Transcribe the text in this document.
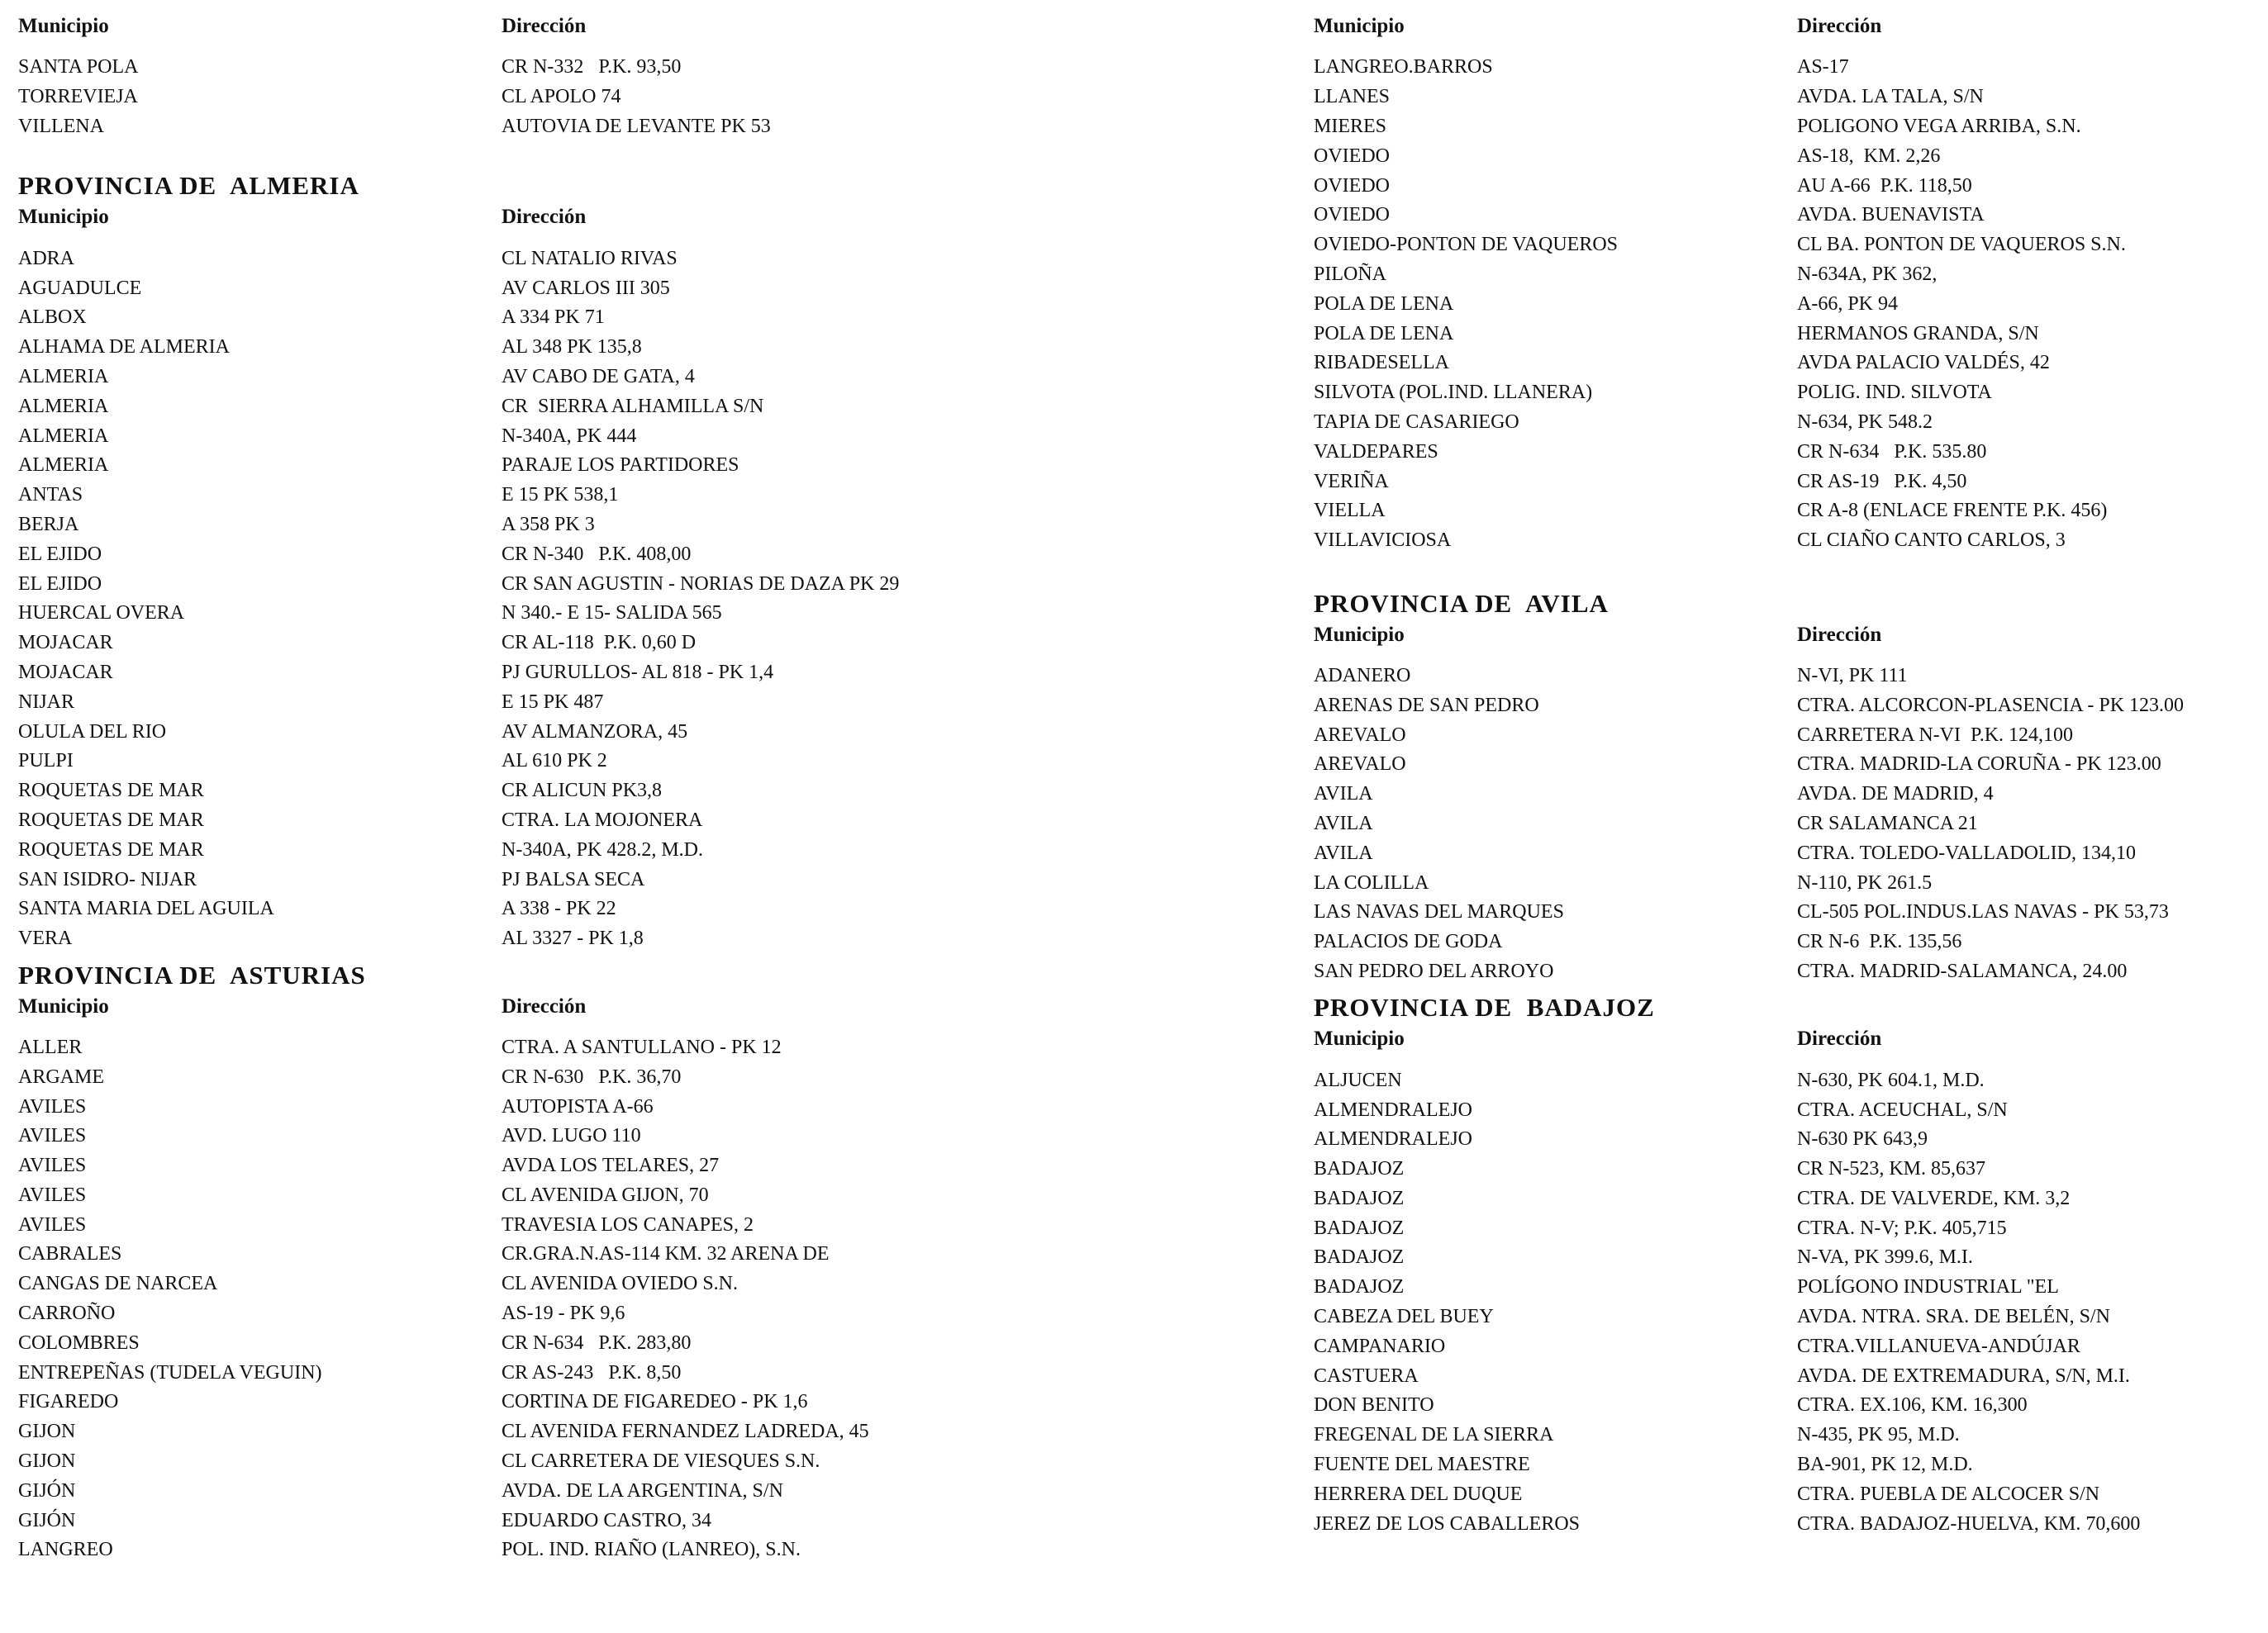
Municipio	Dirección
SANTA POLA	CR N-332   P.K. 93,50
TORREVIEJA	CL APOLO 74
VILLENA	AUTOVIA DE LEVANTE PK 53
PROVINCIA DE  ALMERIA
Municipio	Dirección
ADRA	CL NATALIO RIVAS
AGUADULCE	AV CARLOS III 305
ALBOX	A 334 PK 71
ALHAMA DE ALMERIA	AL 348 PK 135,8
ALMERIA	AV CABO DE GATA, 4
ALMERIA	CR  SIERRA ALHAMILLA S/N
ALMERIA	N-340A, PK 444
ALMERIA	PARAJE LOS PARTIDORES
ANTAS	E 15 PK 538,1
BERJA	A 358 PK 3
EL EJIDO	CR N-340   P.K. 408,00
EL EJIDO	CR SAN AGUSTIN - NORIAS DE DAZA PK 29
HUERCAL OVERA	N 340.- E 15- SALIDA 565
MOJACAR	CR AL-118  P.K. 0,60 D
MOJACAR	PJ GURULLOS- AL 818 - PK 1,4
NIJAR	E 15 PK 487
OLULA DEL RIO	AV ALMANZORA, 45
PULPI	AL 610 PK 2
ROQUETAS DE MAR	CR ALICUN PK3,8
ROQUETAS DE MAR	CTRA. LA MOJONERA
ROQUETAS DE MAR	N-340A, PK 428.2, M.D.
SAN ISIDRO- NIJAR	PJ BALSA SECA
SANTA MARIA DEL AGUILA	A 338 - PK 22
VERA	AL 3327 - PK 1,8
PROVINCIA DE  ASTURIAS
Municipio	Dirección
ALLER	CTRA. A SANTULLANO - PK 12
ARGAME	CR N-630   P.K. 36,70
AVILES	AUTOPISTA A-66
AVILES	AVD. LUGO 110
AVILES	AVDA LOS TELARES, 27
AVILES	CL AVENIDA GIJON, 70
AVILES	TRAVESIA LOS CANAPES, 2
CABRALES	CR.GRA.N.AS-114 KM. 32 ARENA DE
CANGAS DE NARCEA	CL AVENIDA OVIEDO S.N.
CARROÑO	AS-19 - PK 9,6
COLOMBRES	CR N-634   P.K. 283,80
ENTREPEÑAS (TUDELA VEGUIN)	CR AS-243   P.K. 8,50
FIGAREDO	CORTINA DE FIGAREDEO - PK 1,6
GIJON	CL AVENIDA FERNANDEZ LADREDA, 45
GIJON	CL CARRETERA DE VIESQUES S.N.
GIJÓN	AVDA. DE LA ARGENTINA, S/N
GIJÓN	EDUARDO CASTRO, 34
LANGREO	POL. IND. RIAÑO (LANREO), S.N.
Municipio	Dirección
LANGREO.BARROS	AS-17
LLANES	AVDA. LA TALA, S/N
MIERES	POLIGONO VEGA ARRIBA, S.N.
OVIEDO	AS-18,  KM. 2,26
OVIEDO	AU A-66  P.K. 118,50
OVIEDO	AVDA. BUENAVISTA
OVIEDO-PONTON DE VAQUEROS	CL BA. PONTON DE VAQUEROS S.N.
PILOÑA	N-634A, PK 362,
POLA DE LENA	A-66, PK 94
POLA DE LENA	HERMANOS GRANDA, S/N
RIBADESELLA	AVDA PALACIO VALDÉS, 42
SILVOTA (POL.IND. LLANERA)	POLIG. IND. SILVOTA
TAPIA DE CASARIEGO	N-634, PK 548.2
VALDEPARES	CR N-634   P.K. 535.80
VERIÑA	CR AS-19   P.K. 4,50
VIELLA	CR A-8 (ENLACE FRENTE P.K. 456)
VILLAVICIOSA	CL CIAÑO CANTO CARLOS, 3
PROVINCIA DE  AVILA
Municipio	Dirección
ADANERO	N-VI, PK 111
ARENAS DE SAN PEDRO	CTRA. ALCORCON-PLASENCIA - PK 123.00
AREVALO	CARRETERA N-VI  P.K. 124,100
AREVALO	CTRA. MADRID-LA CORUÑA - PK 123.00
AVILA	AVDA. DE MADRID, 4
AVILA	CR SALAMANCA 21
AVILA	CTRA. TOLEDO-VALLADOLID, 134,10
LA COLILLA	N-110, PK 261.5
LAS NAVAS DEL MARQUES	CL-505 POL.INDUS.LAS NAVAS - PK 53,73
PALACIOS DE GODA	CR N-6  P.K. 135,56
SAN PEDRO DEL ARROYO	CTRA. MADRID-SALAMANCA, 24.00
PROVINCIA DE  BADAJOZ
Municipio	Dirección
ALJUCEN	N-630, PK 604.1, M.D.
ALMENDRALEJO	CTRA. ACEUCHAL, S/N
ALMENDRALEJO	N-630 PK 643,9
BADAJOZ	CR N-523, KM. 85,637
BADAJOZ	CTRA. DE VALVERDE, KM. 3,2
BADAJOZ	CTRA. N-V; P.K. 405,715
BADAJOZ	N-VA, PK 399.6, M.I.
BADAJOZ	POLÍGONO INDUSTRIAL "EL
CABEZA DEL BUEY	AVDA. NTRA. SRA. DE BELÉN, S/N
CAMPANARIO	CTRA.VILLANUEVA-ANDÚJAR
CASTUERA	AVDA. DE EXTREMADURA, S/N, M.I.
DON BENITO	CTRA. EX.106, KM. 16,300
FREGENAL DE LA SIERRA	N-435, PK 95, M.D.
FUENTE DEL MAESTRE	BA-901, PK 12, M.D.
HERRERA DEL DUQUE	CTRA. PUEBLA DE ALCOCER S/N
JEREZ DE LOS CABALLEROS	CTRA. BADAJOZ-HUELVA, KM. 70,600
